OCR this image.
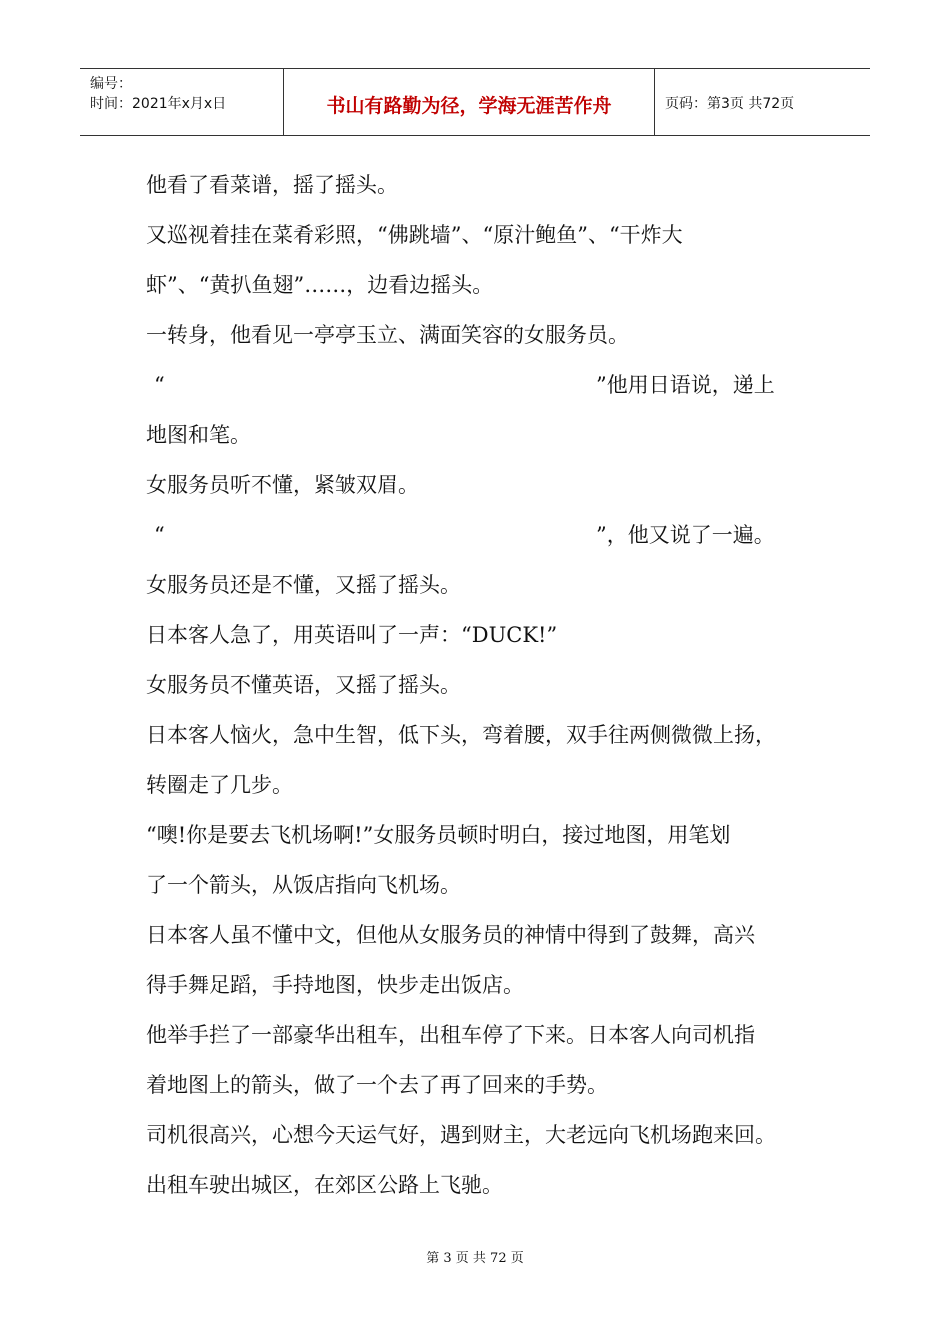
编号：
时间：2021年x月x日	书山有路勤为径，学海无涯苦作舟	页码：第3页 共72页
他看了看菜谱，摇了摇头。
又巡视着挂在菜肴彩照，“佛跳墙”、“原汁鲍鱼”、“干炸大
虾”、“黄扒鱼翅”……，边看边摇头。
一转身，他看见一亭亭玉立、满面笑容的女服务员。
“	”他用日语说，递上
地图和笔。
女服务员听不懂，紧皱双眉。
“	”，他又说了一遍。
女服务员还是不懂，又摇了摇头。
日本客人急了，用英语叫了一声：“DUCK!”
女服务员不懂英语，又摇了摇头。
日本客人恼火，急中生智，低下头，弯着腰，双手往两侧微微上扬，
转圈走了几步。
“噢!你是要去飞机场啊!”女服务员顿时明白，接过地图，用笔划
了一个箭头，从饭店指向飞机场。
日本客人虽不懂中文，但他从女服务员的神情中得到了鼓舞，高兴
得手舞足蹈，手持地图，快步走出饭店。
他举手拦了一部豪华出租车，出租车停了下来。日本客人向司机指
着地图上的箭头，做了一个去了再了回来的手势。
司机很高兴，心想今天运气好，遇到财主，大老远向飞机场跑来回。
出租车驶出城区，在郊区公路上飞驰。
第 3 页 共 72 页
